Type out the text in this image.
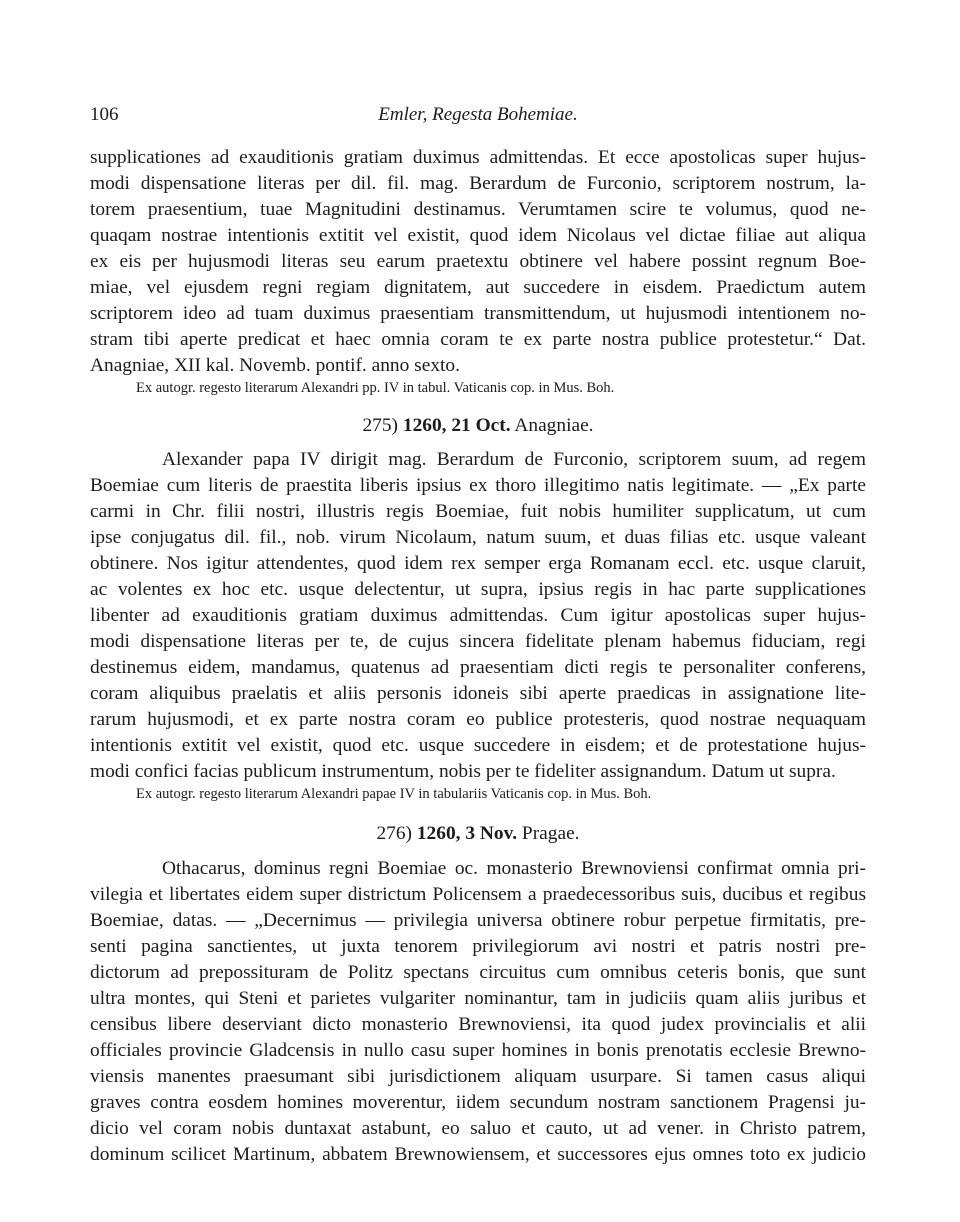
106	Emler, Regesta Bohemiae.
supplicationes ad exauditionis gratiam duximus admittendas. Et ecce apostolicas super hujus-
modi dispensatione literas per dil. fil. mag. Berardum de Furconio, scriptorem nostrum, la-
torem praesentium, tuae Magnitudini destinamus. Verumtamen scire te volumus, quod ne-
quaqam nostrae intentionis extitit vel existit, quod idem Nicolaus vel dictae filiae aut aliqua
ex eis per hujusmodi literas seu earum praetextu obtinere vel habere possint regnum Boe-
miae, vel ejusdem regni regiam dignitatem, aut succedere in eisdem. Praedictum autem
scriptorem ideo ad tuam duximus praesentiam transmittendum, ut hujusmodi intentionem no-
stram tibi aperte predicat et haec omnia coram te ex parte nostra publice protestetur.“ Dat.
Anagniae, XII kal. Novemb. pontif. anno sexto.
Ex autogr. regesto literarum Alexandri pp. IV in tabul. Vaticanis cop. in Mus. Boh.
275) 1260, 21 Oct. Anagniae.
Alexander papa IV dirigit mag. Berardum de Furconio, scriptorem suum, ad regem
Boemiae cum literis de praestita liberis ipsius ex thoro illegitimo natis legitimate. — „Ex parte
carmi in Chr. filii nostri, illustris regis Boemiae, fuit nobis humiliter supplicatum, ut cum
ipse conjugatus dil. fil., nob. virum Nicolaum, natum suum, et duas filias etc. usque valeant
obtinere. Nos igitur attendentes, quod idem rex semper erga Romanam eccl. etc. usque claruit,
ac volentes ex hoc etc. usque delectentur, ut supra, ipsius regis in hac parte supplicationes
libenter ad exauditionis gratiam duximus admittendas. Cum igitur apostolicas super hujus-
modi dispensatione literas per te, de cujus sincera fidelitate plenam habemus fiduciam, regi
destinemus eidem, mandamus, quatenus ad praesentiam dicti regis te personaliter conferens,
coram aliquibus praelatis et aliis personis idoneis sibi aperte praedicas in assignatione lite-
rarum hujusmodi, et ex parte nostra coram eo publice protesteris, quod nostrae nequaquam
intentionis extitit vel existit, quod etc. usque succedere in eisdem; et de protestatione hujus-
modi confici facias publicum instrumentum, nobis per te fideliter assignandum. Datum ut supra.
Ex autogr. regesto literarum Alexandri papae IV in tabulariis Vaticanis cop. in Mus. Boh.
276) 1260, 3 Nov. Pragae.
Othacarus, dominus regni Boemiae oc. monasterio Brewnoviensi confirmat omnia pri-
vilegia et libertates eidem super districtum Policensem a praedecessoribus suis, ducibus et regibus
Boemiae, datas. — „Decernimus — privilegia universa obtinere robur perpetue firmitatis, pre-
senti pagina sanctientes, ut juxta tenorem privilegiorum avi nostri et patris nostri pre-
dictorum ad prepossituram de Politz spectans circuitus cum omnibus ceteris bonis, que sunt
ultra montes, qui Steni et parietes vulgariter nominantur, tam in judiciis quam aliis juribus et
censibus libere deserviant dicto monasterio Brewnoviensi, ita quod judex provincialis et alii
officiales provincie Gladcensis in nullo casu super homines in bonis prenotatis ecclesie Brewno-
viensis manentes praesumant sibi jurisdictionem aliquam usurpare. Si tamen casus aliqui
graves contra eosdem homines moverentur, iidem secundum nostram sanctionem Pragensi ju-
dicio vel coram nobis duntaxat astabunt, eo saluo et cauto, ut ad vener. in Christo patrem,
dominum scilicet Martinum, abbatem Brewnowiensem, et successores ejus omnes toto ex judicio
